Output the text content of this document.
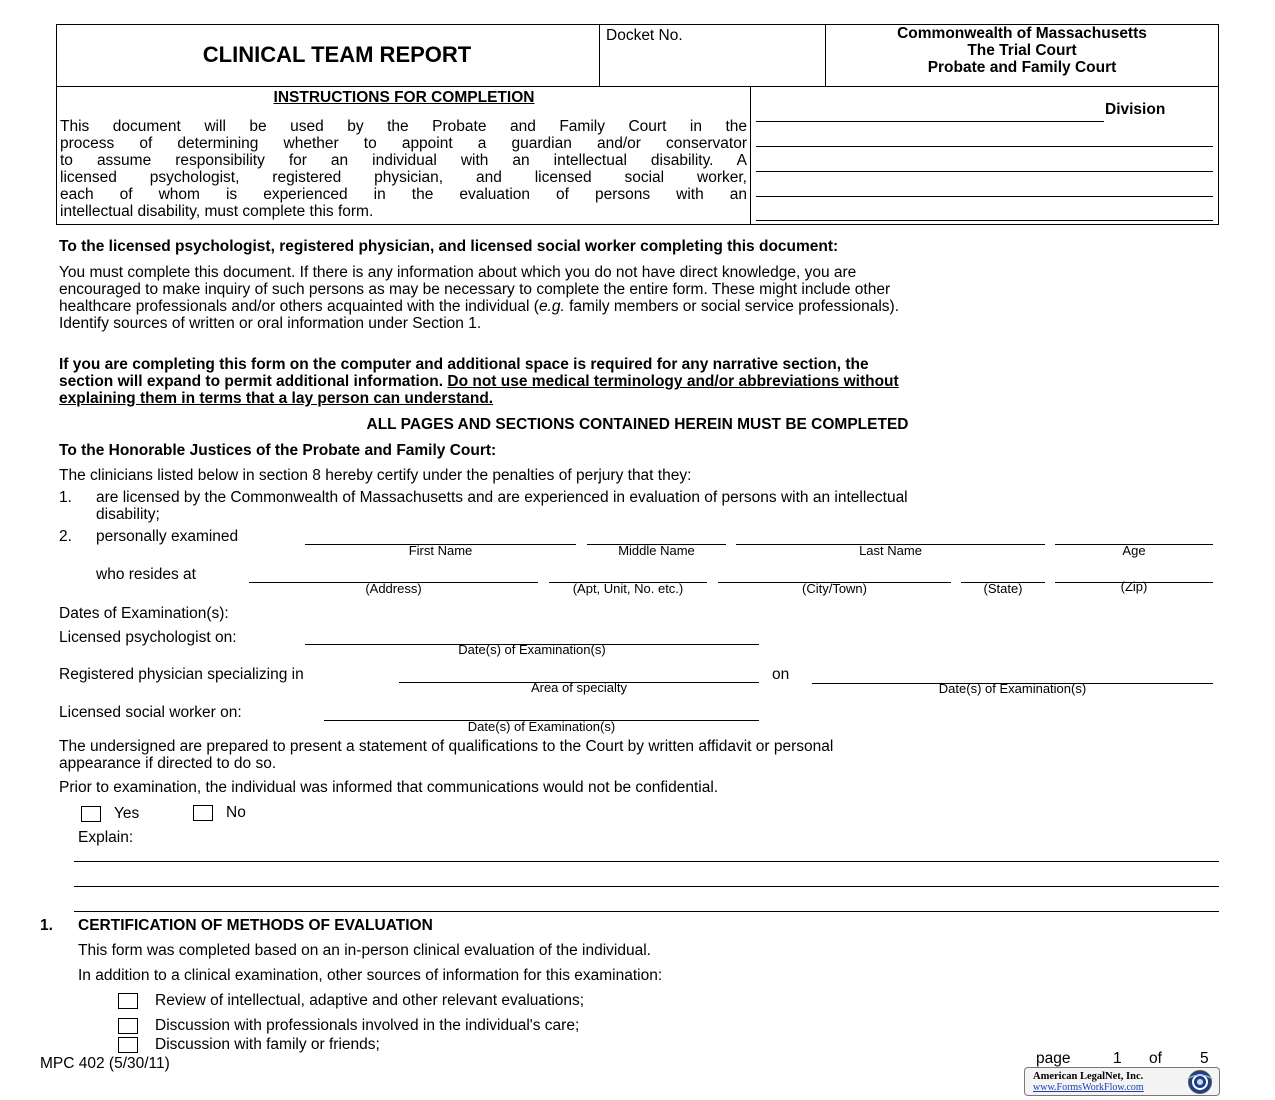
CLINICAL TEAM REPORT
Docket No.	Commonwealth of Massachusetts
The Trial Court
Probate and Family Court
INSTRUCTIONS FOR COMPLETION
This document will be used by the Probate and Family Court in the
process of determining whether to appoint a guardian and/or conservator
to assume responsibility for an individual with an intellectual disability. A
licensed psychologist, registered physician, and licensed social worker,
each of whom is experienced in the evaluation of persons with an
intellectual disability, must complete this form.
Division
To the licensed psychologist, registered physician, and licensed social worker completing this document:
You must complete this document. If there is any information about which you do not have direct knowledge, you are
encouraged to make inquiry of such persons as may be necessary to complete the entire form. These might include other
healthcare professionals and/or others acquainted with the individual (e.g. family members or social service professionals).
Identify sources of written or oral information under Section 1.
If you are completing this form on the computer and additional space is required for any narrative section, the
section will expand to permit additional information. Do not use medical terminology and/or abbreviations without
explaining them in terms that a lay person can understand.
ALL PAGES AND SECTIONS CONTAINED HEREIN MUST BE COMPLETED
To the Honorable Justices of the Probate and Family Court:
The clinicians listed below in section 8 hereby certify under the penalties of perjury that they:
1. are licensed by the Commonwealth of Massachusetts and are experienced in evaluation of persons with an intellectual
disability;
2. personally examined
First Name	Middle Name	Last Name	Age
who resides at
(Address)	(Apt, Unit, No. etc.)	(City/Town)	(State)	(Zip)
Dates of Examination(s):
Licensed psychologist on:
Date(s) of Examination(s)
Registered physician specializing in
Area of specialty
on
Date(s) of Examination(s)
Licensed social worker on:
Date(s) of Examination(s)
The undersigned are prepared to present a statement of qualifications to the Court by written affidavit or personal
appearance if directed to do so.
Prior to examination, the individual was informed that communications would not be confidential.
Yes	No
Explain:
1. CERTIFICATION OF METHODS OF EVALUATION
This form was completed based on an in-person clinical evaluation of the individual.
In addition to a clinical examination, other sources of information for this examination:
Review of intellectual, adaptive and other relevant evaluations;
Discussion with professionals involved in the individual's care;
Discussion with family or friends;
MPC 402 (5/30/11)	page	1 of 5
American LegalNet, Inc.
www.FormsWorkFlow.com
